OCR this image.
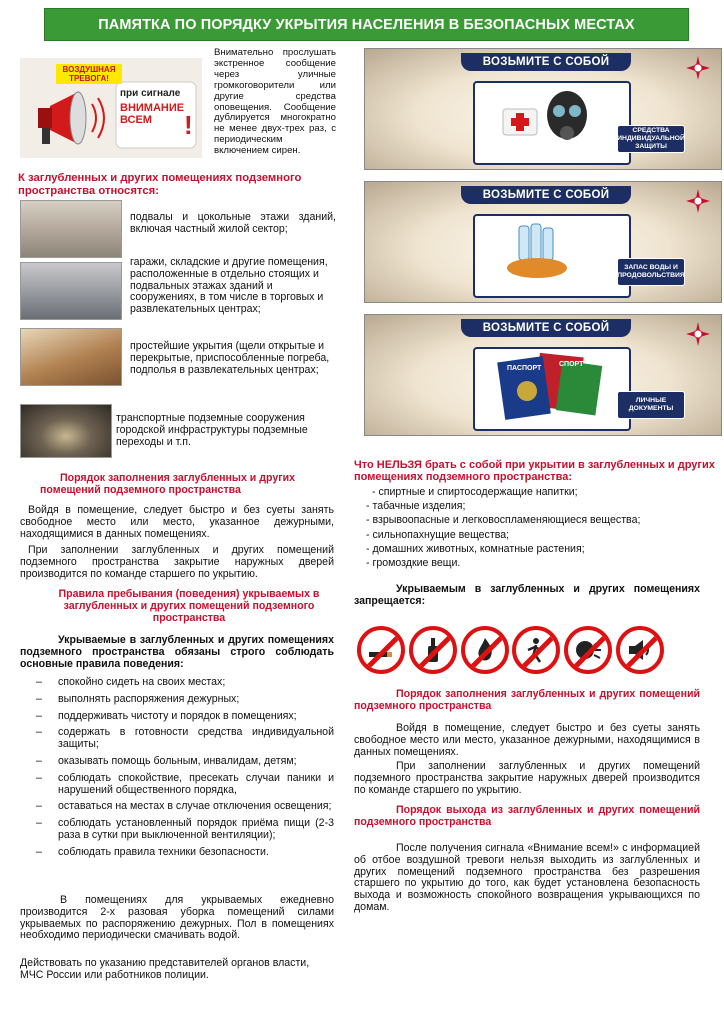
ПАМЯТКА ПО ПОРЯДКУ УКРЫТИЯ НАСЕЛЕНИЯ В БЕЗОПАСНЫХ МЕСТАХ
!
ВОЗДУШНАЯ ТРЕВОГА!
при сигнале
ВНИМАНИЕ ВСЕМ
Внимательно прослушать экстренное сообщение через уличные громкоговорители или другие средства оповещения. Сообщение дублируется многократно не менее двух-трех раз, с периодическим включением сирен.
К заглубленных и других помещениях подземного пространства относятся:
подвалы и цокольные этажи зданий, включая частный жилой сектор;
гаражи, складские и другие помещения, расположенные в отдельно стоящих и подвальных этажах зданий и сооружениях, в том числе в торговых и развлекательных центрах;
простейшие укрытия (щели открытые и перекрытые, приспособленные погреба, подполья в развлекательных центрах;
транспортные подземные сооружения городской инфраструктуры подземные переходы и т.п.
Порядок заполнения заглубленных и других помещений подземного пространства
Войдя в помещение, следует быстро и без суеты занять свободное место или место, указанное дежурными, находящимися в данных помещениях.
При заполнении заглубленных и других помещений подземного пространства закрытие наружных дверей производится по команде старшего по укрытию.
Правила пребывания (поведения) укрываемых в заглубленных и других помещений подземного пространства
Укрываемые в заглубленных и других помещениях подземного пространства обязаны строго соблюдать основные правила поведения:
– спокойно сидеть на своих местах;
– выполнять распоряжения дежурных;
– поддерживать чистоту и порядок в помещениях;
– содержать в готовности средства индивидуальной защиты;
– оказывать помощь больным, инвалидам, детям;
– соблюдать спокойствие, пресекать случаи паники и нарушений общественного порядка,
– оставаться на местах в случае отключения освещения;
– соблюдать установленный порядок приёма пищи (2-3 раза в сутки при выключенной вентиляции);
– соблюдать правила техники безопасности.
В помещениях для укрываемых ежедневно производится 2-х разовая уборка помещений силами укрываемых по распоряжению дежурных. Пол в помещениях необходимо периодически смачивать водой.
Действовать по указанию представителей органов власти, МЧС России или работников полиции.
ВОЗЬМИТЕ С СОБОЙ
СРЕДСТВА ИНДИВИДУАЛЬНОЙ ЗАЩИТЫ
ВОЗЬМИТЕ С СОБОЙ
ЗАПАС ВОДЫ И ПРОДОВОЛЬСТВИЯ
ВОЗЬМИТЕ С СОБОЙ
ПАСПОРТ
СПОРТ
ЛИЧНЫЕ ДОКУМЕНТЫ
Что НЕЛЬЗЯ брать с собой при укрытии в заглубленных и других помещениях подземного пространства:
- спиртные и спиртосодержащие напитки;
- табачные изделия;
- взрывоопасные и легковоспламеняющиеся вещества;
- сильнопахнущие вещества;
- домашних животных, комнатные растения;
- громоздкие вещи.
Укрываемым в заглубленных и других помещениях запрещается:
Порядок заполнения заглубленных и других помещений подземного пространства
Войдя в помещение, следует быстро и без суеты занять свободное место или место, указанное дежурными, находящимися в данных помещениях.
При заполнении заглубленных и других помещений подземного пространства закрытие наружных дверей производится по команде старшего по укрытию.
Порядок выхода из заглубленных и других помещений подземного пространства
После получения сигнала «Внимание всем!» с информацией об отбое воздушной тревоги нельзя выходить из заглубленных и других помещений подземного пространства без разрешения старшего по укрытию до того, как будет установлена безопасность выхода и возможность спокойного возвращения укрывающихся по домам.
